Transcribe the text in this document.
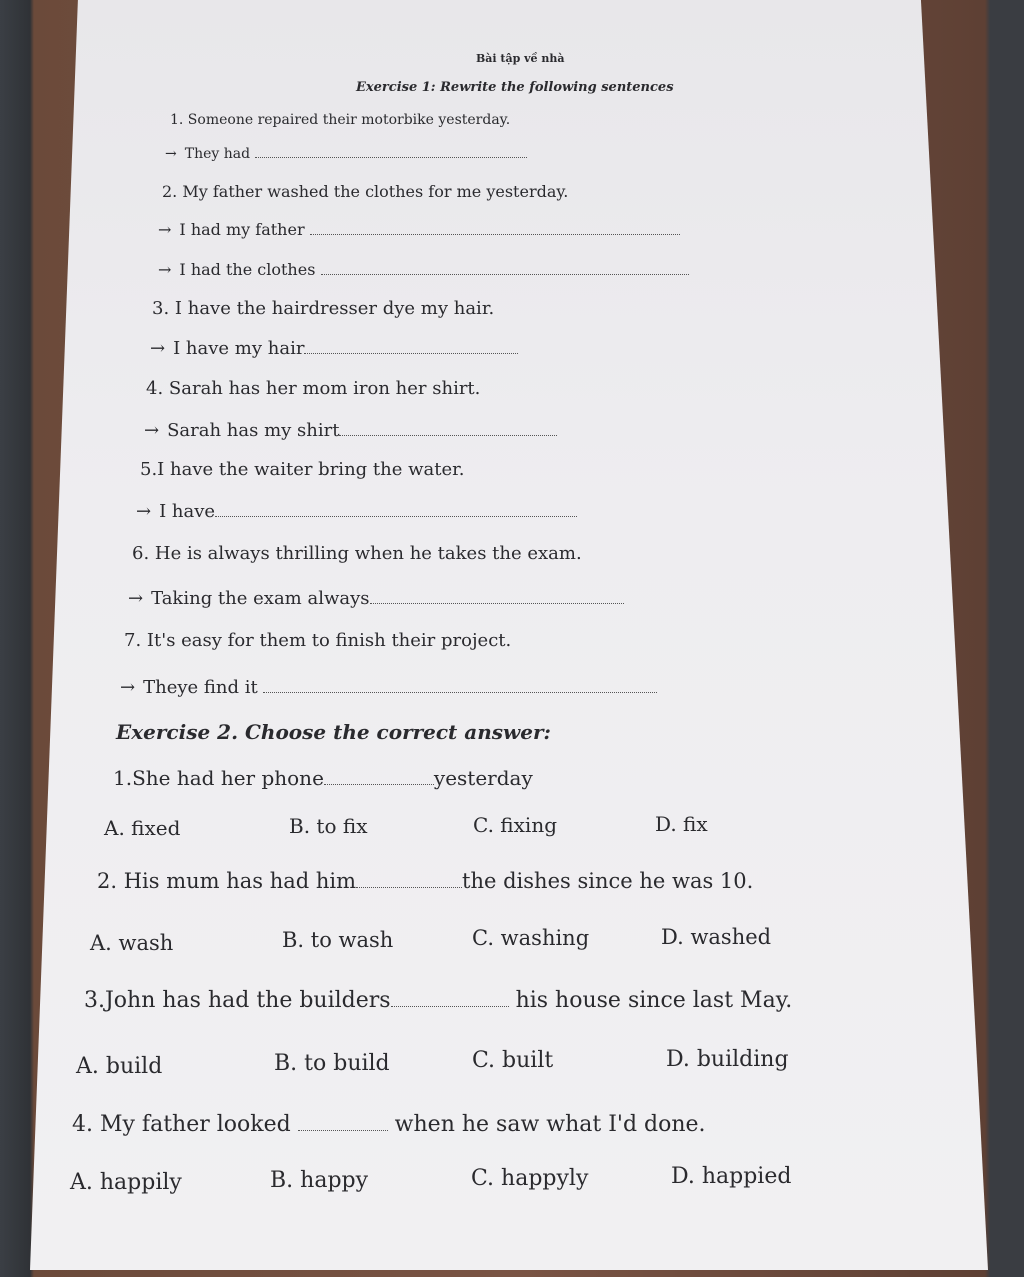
Bài tập về nhà
Exercise 1: Rewrite the following sentences
1. Someone repaired their motorbike yesterday.
→ They had
2. My father washed the clothes for me yesterday.
→ I had my father
→ I had the clothes
3. I have the hairdresser dye my hair.
→ I have my hair
4. Sarah has her mom iron her shirt.
→ Sarah has my shirt
5.I have the waiter bring the water.
→ I have
6. He is always thrilling when he takes the exam.
→ Taking the exam always
7. It's easy for them to finish their project.
→ Theye find it
Exercise 2. Choose the correct answer:
1.She had her phone	yesterday
A. fixed	B. to fix	C. fixing	D. fix
2. His mum has had him	the dishes since he was 10.
A. wash	B. to wash	C. washing	D. washed
3.John has had the builders	his house since last May.
A. build	B. to build	C. built	D. building
4. My father looked	when he saw what I'd done.
A. happily	B. happy	C. happyly	D. happied
